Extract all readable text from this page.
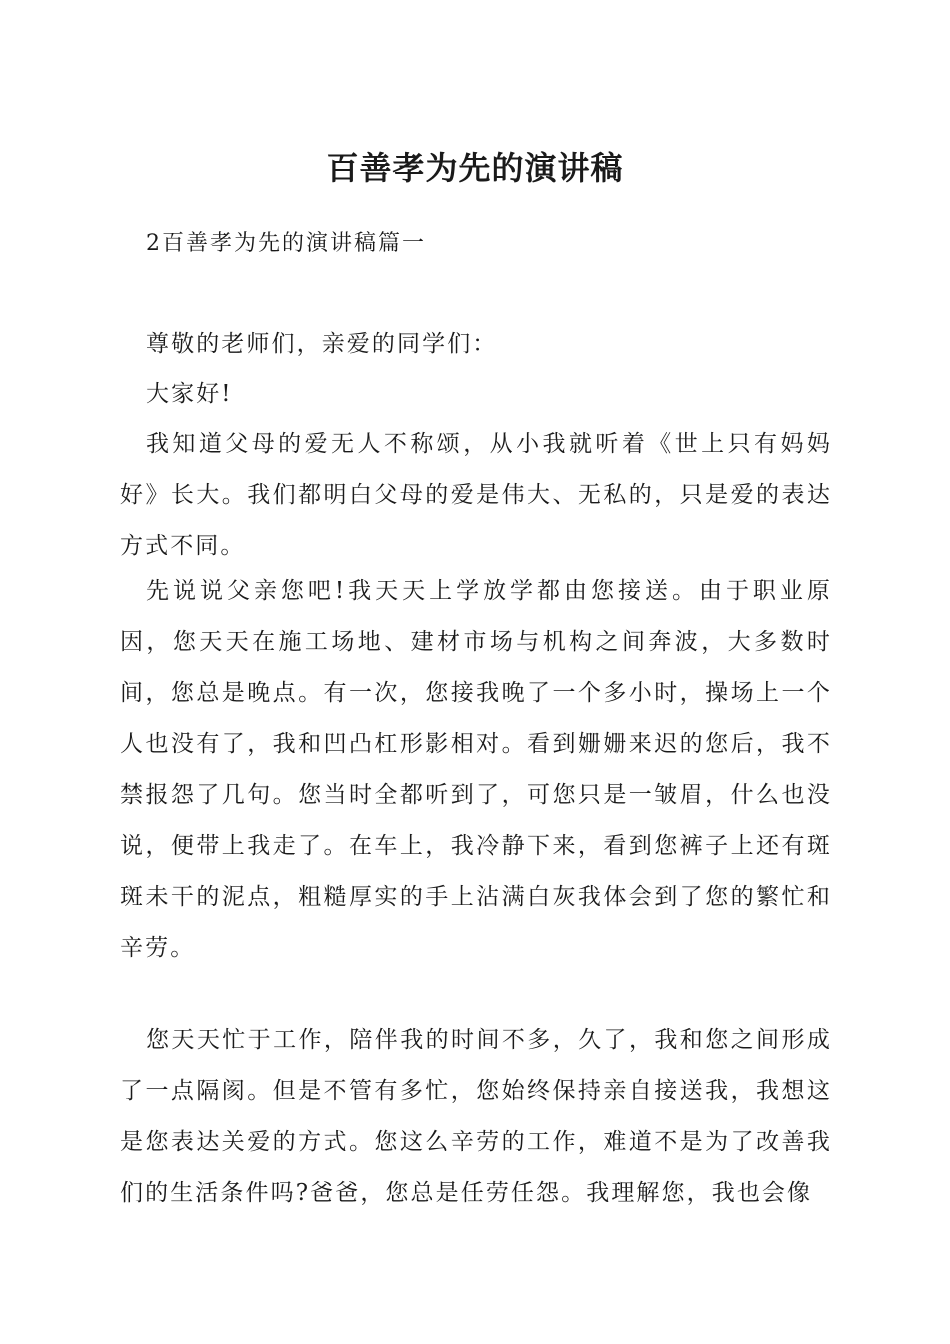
百善孝为先的演讲稿

2百善孝为先的演讲稿篇一

尊敬的老师们，亲爱的同学们：

大家好!

我知道父母的爱无人不称颂，从小我就听着《世上只有妈妈好》长大。我们都明白父母的爱是伟大、无私的，只是爱的表达方式不同。

先说说父亲您吧!我天天上学放学都由您接送。由于职业原因，您天天在施工场地、建材市场与机构之间奔波，大多数时间，您总是晚点。有一次，您接我晚了一个多小时，操场上一个人也没有了，我和凹凸杠形影相对。看到姗姗来迟的您后，我不禁报怨了几句。您当时全都听到了，可您只是一皱眉，什么也没说，便带上我走了。在车上，我冷静下来，看到您裤子上还有斑斑未干的泥点，粗糙厚实的手上沾满白灰我体会到了您的繁忙和辛劳。

您天天忙于工作，陪伴我的时间不多，久了，我和您之间形成了一点隔阂。但是不管有多忙，您始终保持亲自接送我，我想这是您表达关爱的方式。您这么辛劳的工作，难道不是为了改善我们的生活条件吗?爸爸，您总是任劳任怨。我理解您，我也会像
